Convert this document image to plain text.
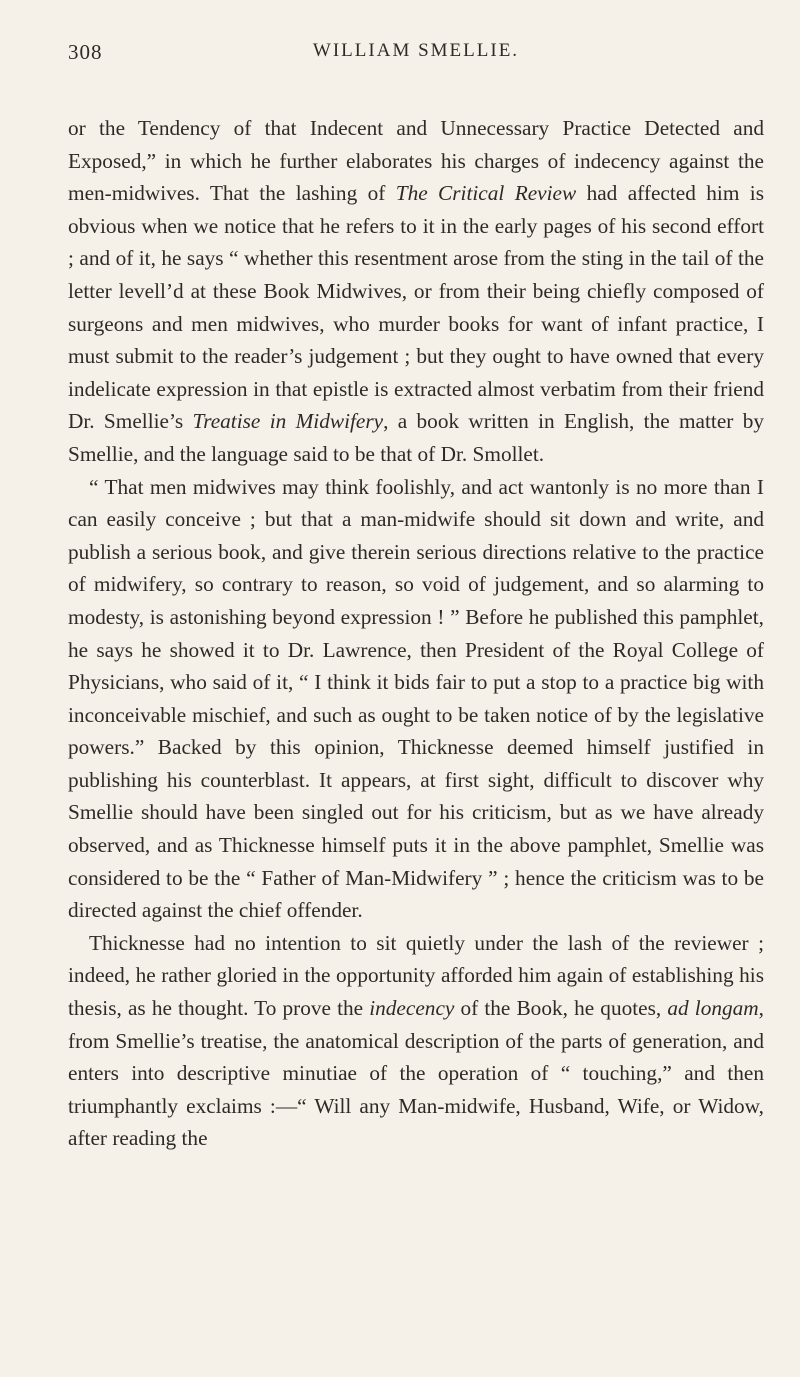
308	WILLIAM SMELLIE.

or the Tendency of that Indecent and Unnecessary Practice Detected and Exposed,” in which he further elaborates his charges of indecency against the men-midwives. That the lashing of The Critical Review had affected him is obvious when we notice that he refers to it in the early pages of his second effort ; and of it, he says “ whether this resentment arose from the sting in the tail of the letter levell’d at these Book Midwives, or from their being chiefly composed of surgeons and men midwives, who murder books for want of infant practice, I must submit to the reader’s judgement ; but they ought to have owned that every indelicate expression in that epistle is extracted almost verbatim from their friend Dr. Smellie’s Treatise in Midwifery, a book written in English, the matter by Smellie, and the language said to be that of Dr. Smollet.

“ That men midwives may think foolishly, and act wantonly is no more than I can easily conceive ; but that a man-midwife should sit down and write, and publish a serious book, and give therein serious directions relative to the practice of midwifery, so contrary to reason, so void of judgement, and so alarming to modesty, is astonishing beyond expression ! ” Before he published this pamphlet, he says he showed it to Dr. Lawrence, then President of the Royal College of Physicians, who said of it, “ I think it bids fair to put a stop to a practice big with inconceivable mischief, and such as ought to be taken notice of by the legislative powers.” Backed by this opinion, Thicknesse deemed himself justified in publishing his counterblast. It appears, at first sight, difficult to discover why Smellie should have been singled out for his criticism, but as we have already observed, and as Thicknesse himself puts it in the above pamphlet, Smellie was considered to be the “ Father of Man-Midwifery ” ; hence the criticism was to be directed against the chief offender.

Thicknesse had no intention to sit quietly under the lash of the reviewer ; indeed, he rather gloried in the opportunity afforded him again of establishing his thesis, as he thought. To prove the indecency of the Book, he quotes, ad longam, from Smellie’s treatise, the anatomical description of the parts of generation, and enters into descriptive minutiae of the operation of “ touching,” and then triumphantly exclaims :—“ Will any Man-midwife, Husband, Wife, or Widow, after reading the
